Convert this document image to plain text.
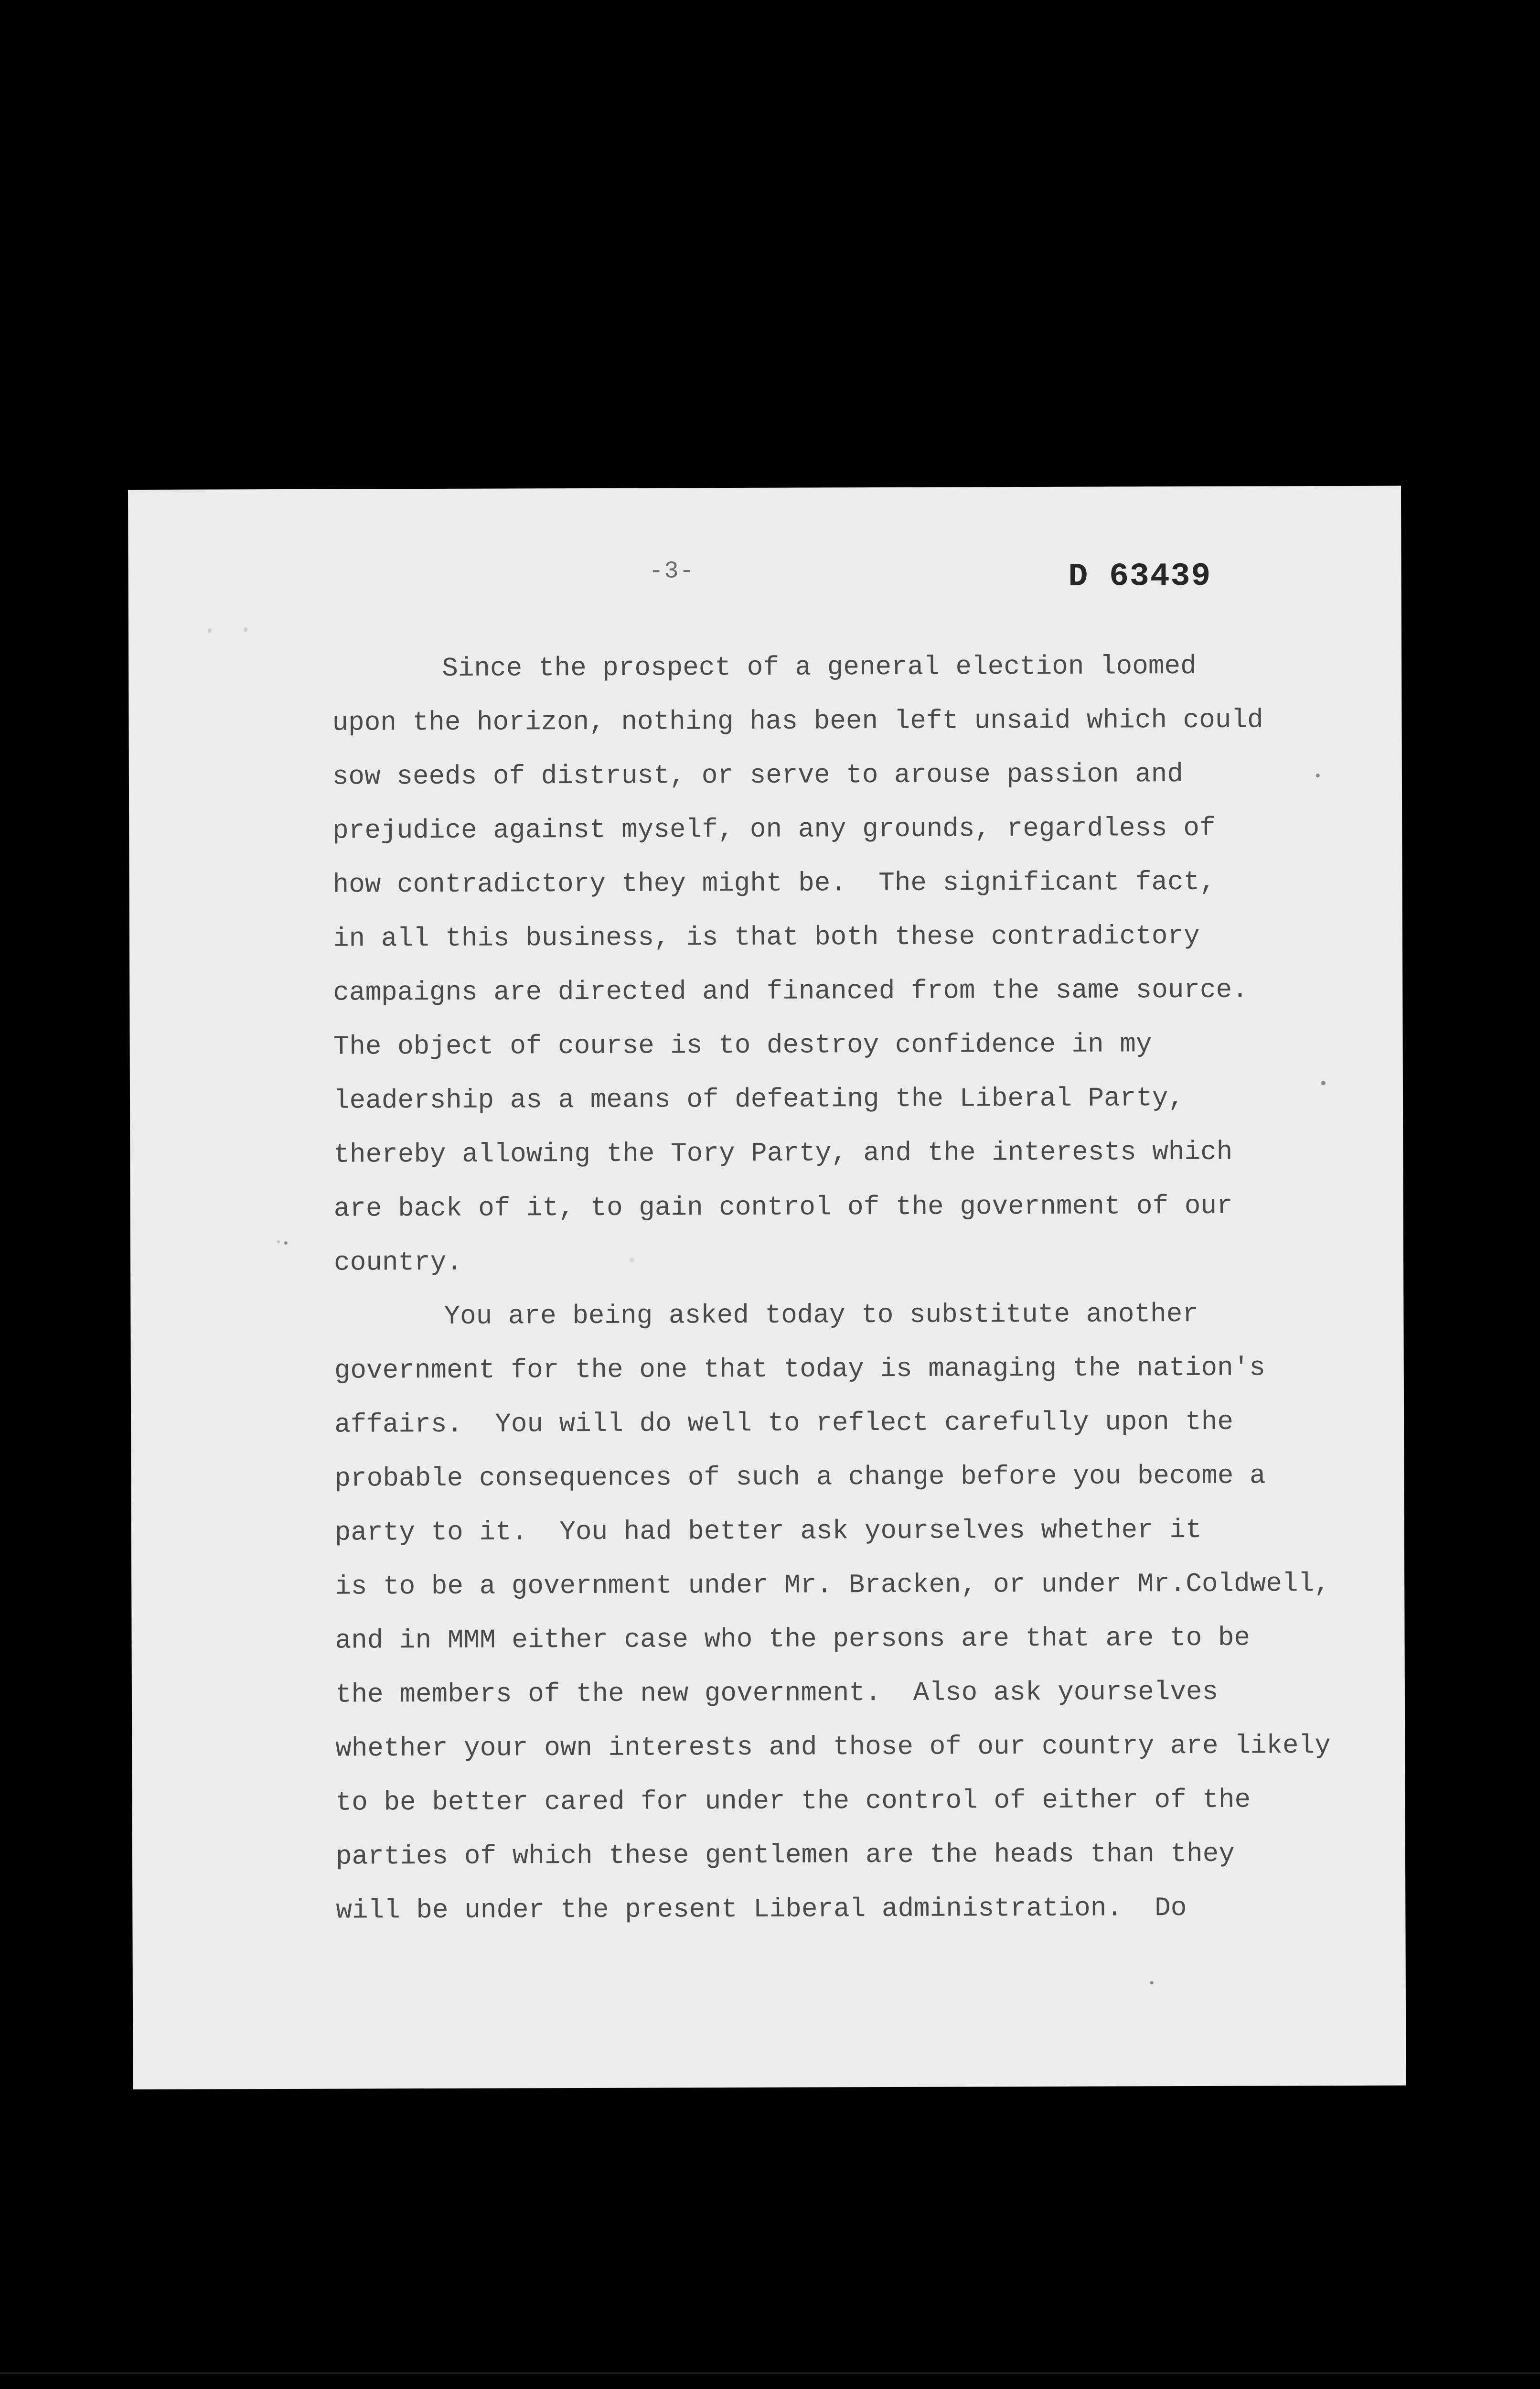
-3-	D 63439
Since the prospect of a general election loomed
upon the horizon, nothing has been left unsaid which could
sow seeds of distrust, or serve to arouse passion and
prejudice against myself, on any grounds, regardless of
how contradictory they might be.  The significant fact,
in all this business, is that both these contradictory
campaigns are directed and financed from the same source.
The object of course is to destroy confidence in my
leadership as a means of defeating the Liberal Party,
thereby allowing the Tory Party, and the interests which
are back of it, to gain control of the government of our
country.
You are being asked today to substitute another
government for the one that today is managing the nation's
affairs.  You will do well to reflect carefully upon the
probable consequences of such a change before you become a
party to it.  You had better ask yourselves whether it
is to be a government under Mr. Bracken, or under Mr.Coldwell,
and in MMM either case who the persons are that are to be
the members of the new government.  Also ask yourselves
whether your own interests and those of our country are likely
to be better cared for under the control of either of the
parties of which these gentlemen are the heads than they
will be under the present Liberal administration.  Do
